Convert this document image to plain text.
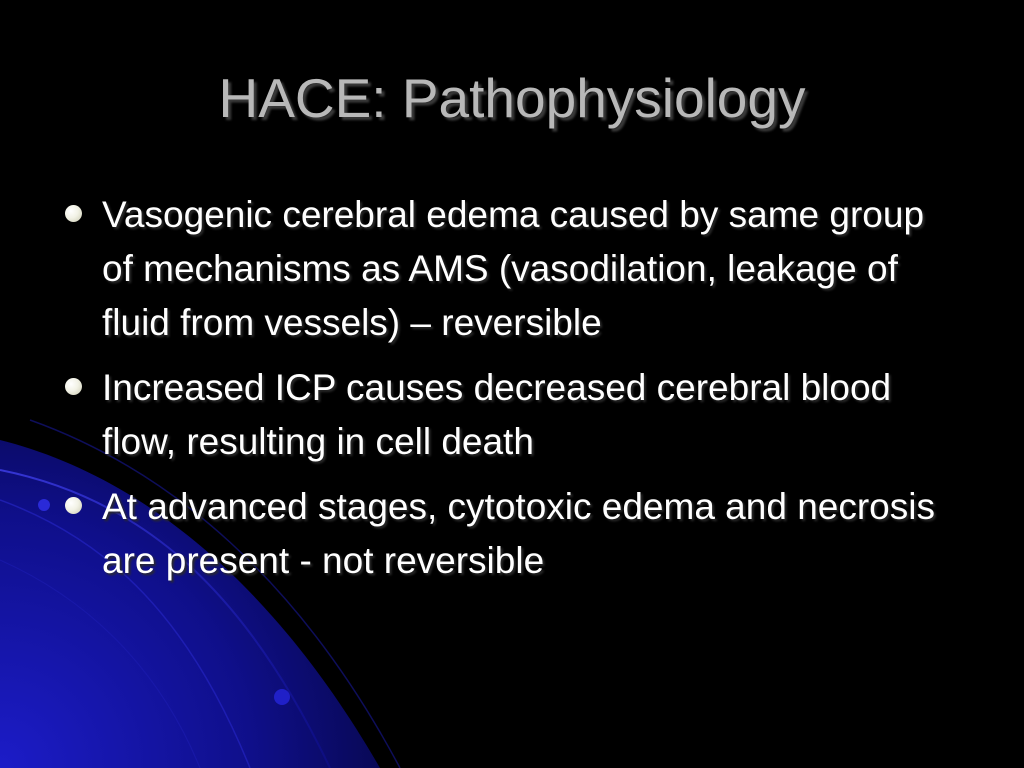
HACE: Pathophysiology
Vasogenic cerebral edema caused by same group of mechanisms as AMS (vasodilation, leakage of fluid from vessels) – reversible
Increased ICP causes decreased cerebral blood flow, resulting in cell death
At advanced stages, cytotoxic edema and necrosis are present - not reversible
